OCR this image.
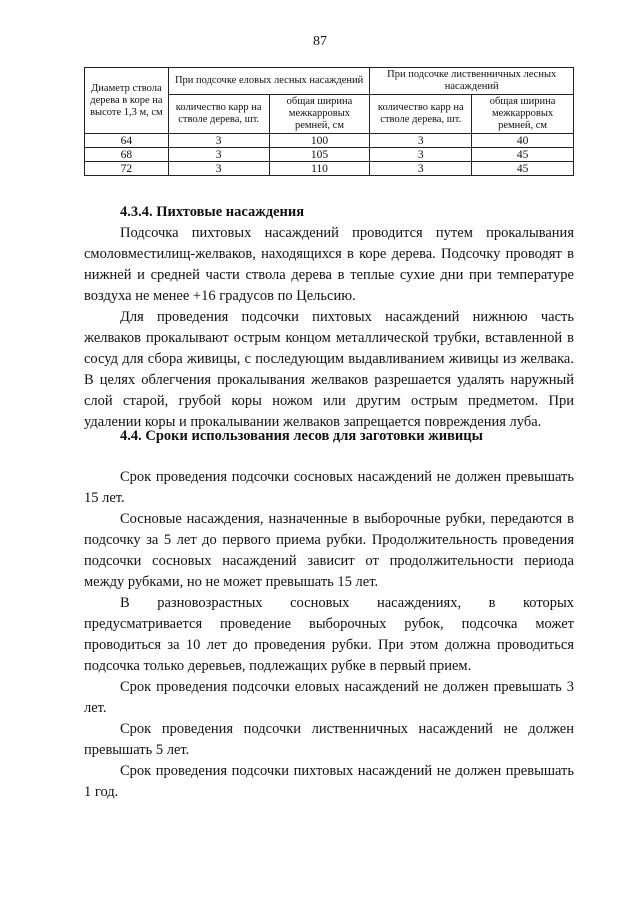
87
Диаметр ствола дерева в коре на высоте 1,3 м, см	При подсочке еловых лесных насаждений		При подсочке лиственничных лесных насаждений	
	количество карр на стволе дерева, шт.	общая ширина межкарровых ремней, см	количество карр на стволе дерева, шт.	общая ширина межкарровых ремней, см
64	3	100	3	40
68	3	105	3	45
72	3	110	3	45

4.3.4. Пихтовые насаждения

Подсочка пихтовых насаждений проводится путем прокалывания смоловместилищ-желваков, находящихся в коре дерева. Подсочку проводят в нижней и средней части ствола дерева в теплые сухие дни при температуре воздуха не менее +16 градусов по Цельсию.

Для проведения подсочки пихтовых насаждений нижнюю часть желваков прокалывают острым концом металлической трубки, вставленной в сосуд для сбора живицы, с последующим выдавливанием живицы из желвака. В целях облегчения прокалывания желваков разрешается удалять наружный слой старой, грубой коры ножом или другим острым предметом. При удалении коры и прокалывании желваков запрещается повреждения луба.

4.4. Сроки использования лесов для заготовки живицы

Срок проведения подсочки сосновых насаждений не должен превышать 15 лет.

Сосновые насаждения, назначенные в выборочные рубки, передаются в подсочку за 5 лет до первого приема рубки. Продолжительность проведения подсочки сосновых насаждений зависит от продолжительности периода между рубками, но не может превышать 15 лет.

В разновозрастных сосновых насаждениях, в которых предусматривается проведение выборочных рубок, подсочка может проводиться за 10 лет до проведения рубки. При этом должна проводиться подсочка только деревьев, подлежащих рубке в первый прием.

Срок проведения подсочки еловых насаждений не должен превышать 3 лет.

Срок проведения подсочки лиственничных насаждений не должен превышать 5 лет.

Срок проведения подсочки пихтовых насаждений не должен превышать 1 год.
